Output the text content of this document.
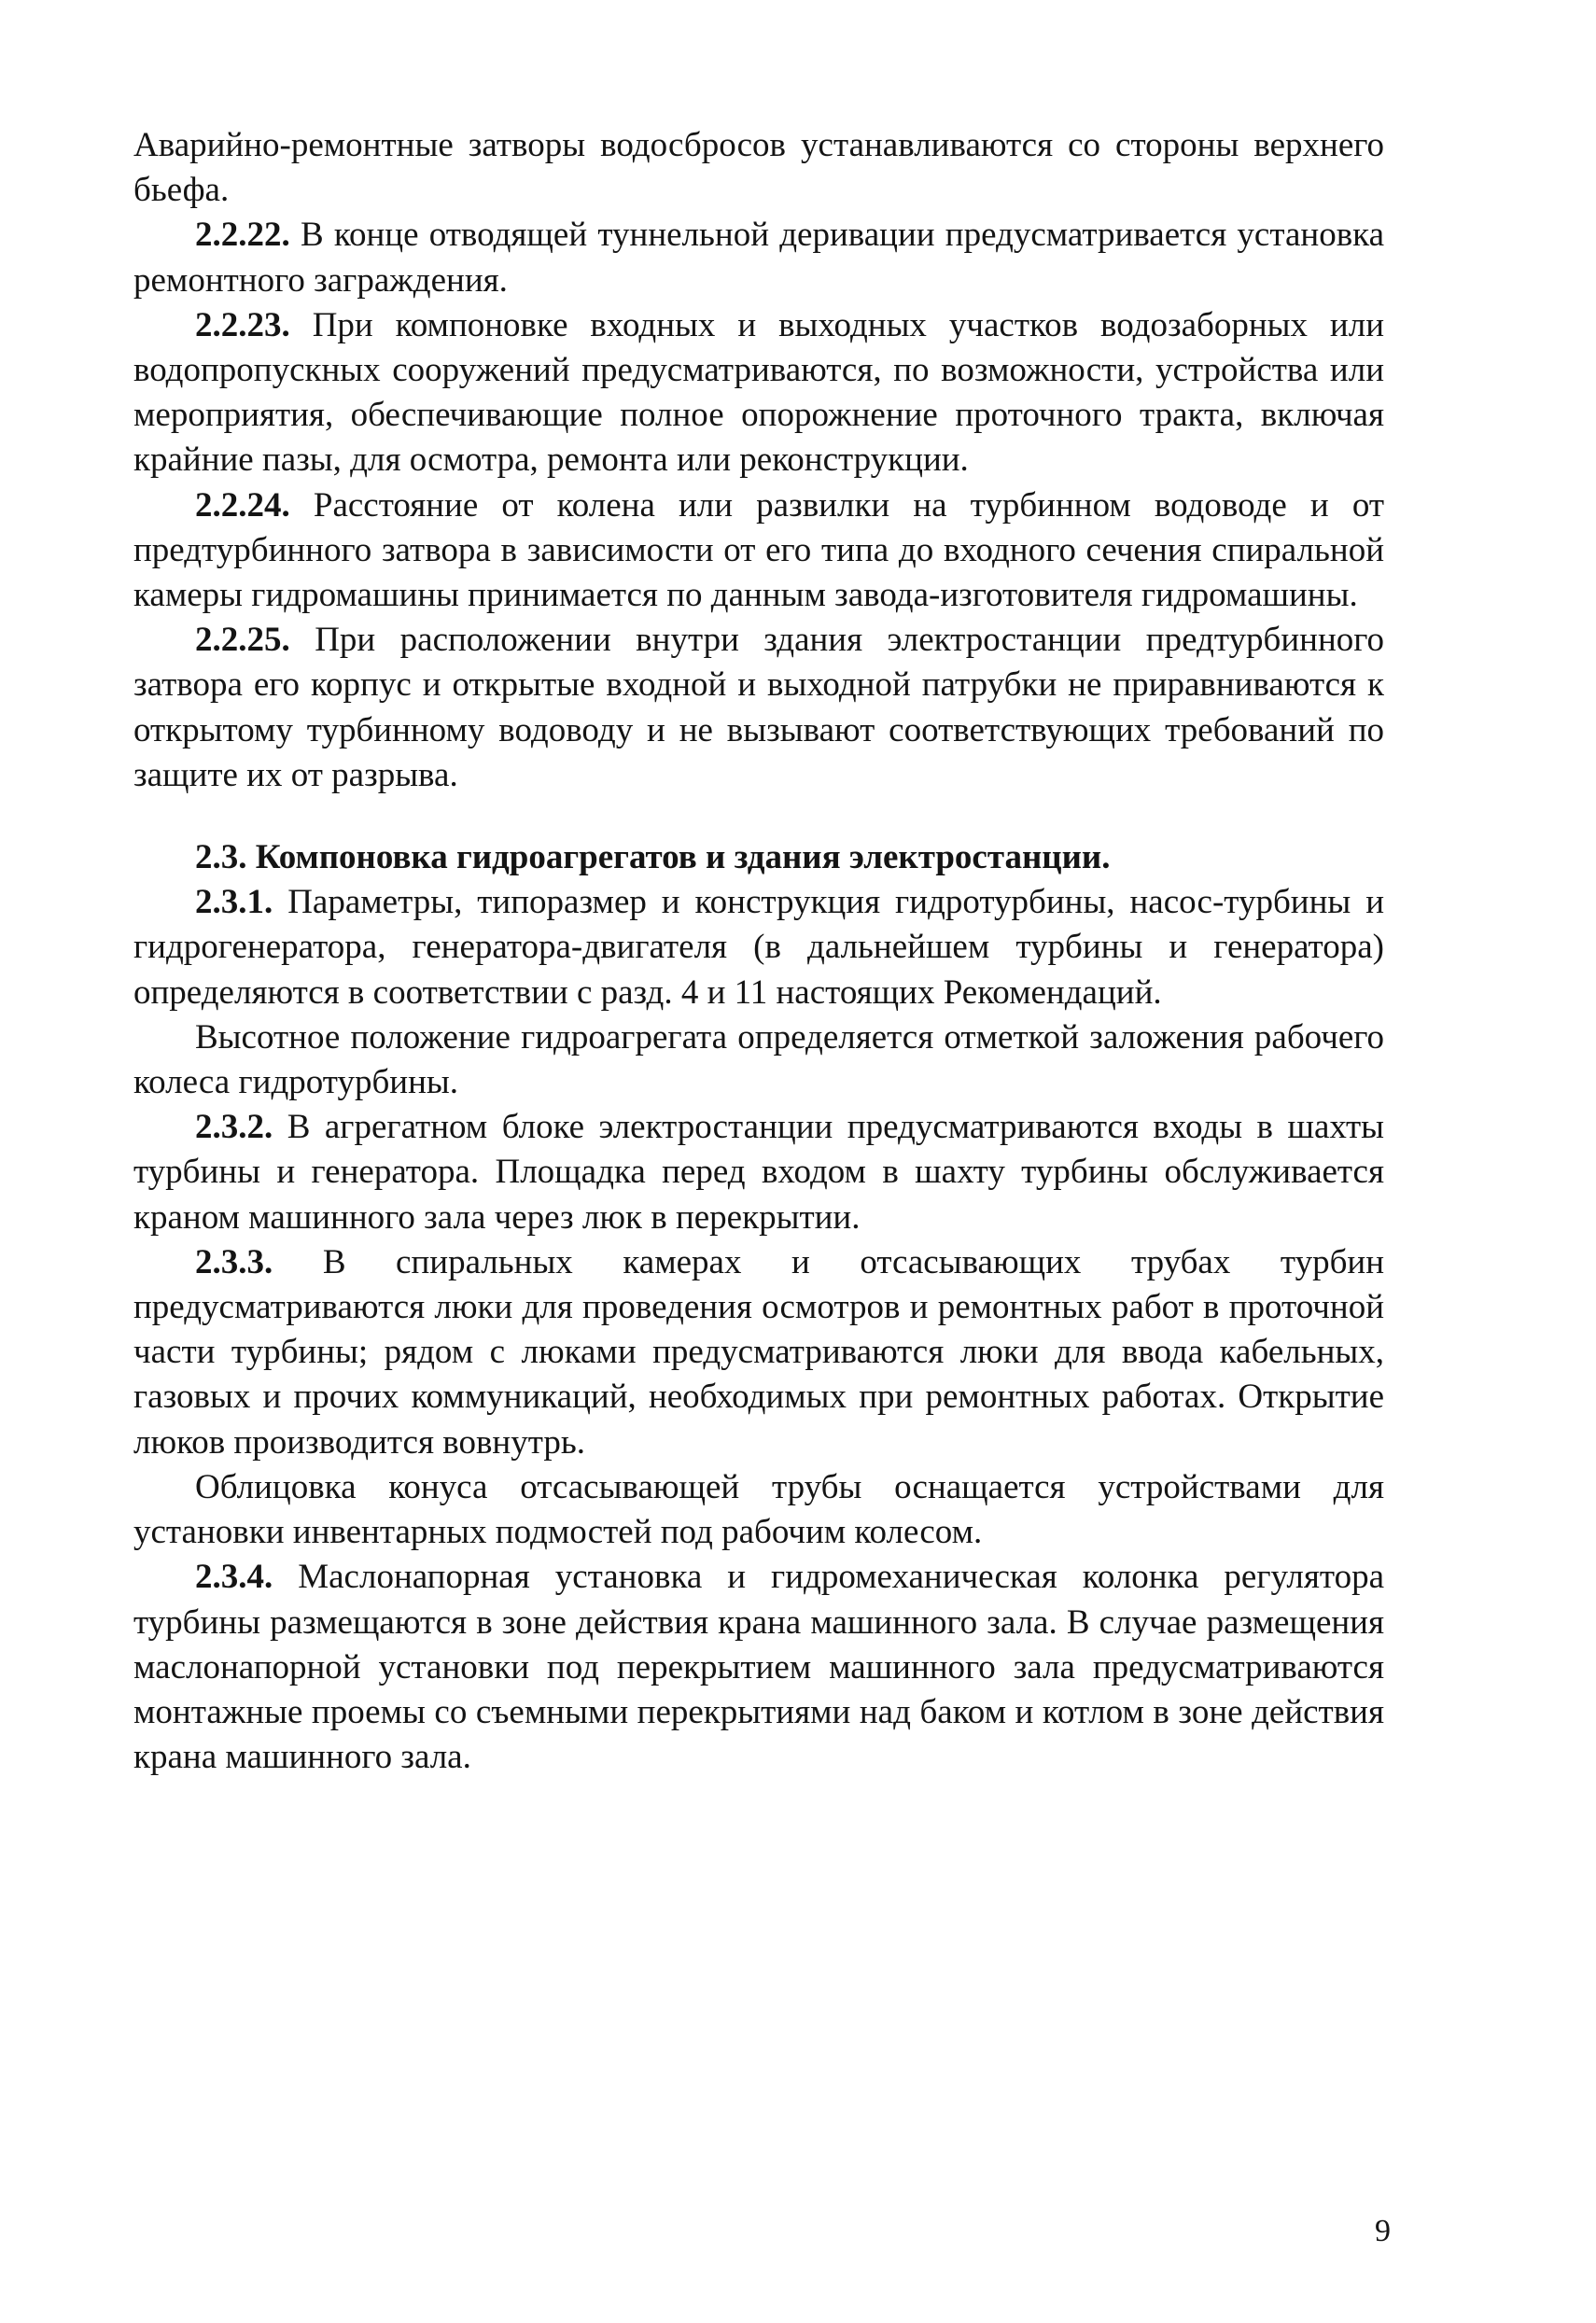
Аварийно-ремонтные затворы водосбросов устанавливаются со стороны верхнего бьефа.

2.2.22. В конце отводящей туннельной деривации предусматривается установка ремонтного заграждения.

2.2.23. При компоновке входных и выходных участков водозаборных или водопропускных сооружений предусматриваются, по возможности, устройства или мероприятия, обеспечивающие полное опорожнение проточного тракта, включая крайние пазы, для осмотра, ремонта или реконструкции.

2.2.24. Расстояние от колена или развилки на турбинном водоводе и от предтурбинного затвора в зависимости от его типа до входного сечения спиральной камеры гидромашины принимается по данным завода-изготовителя гидромашины.

2.2.25. При расположении внутри здания электростанции предтурбинного затвора его корпус и открытые входной и выходной патрубки не приравниваются к открытому турбинному водоводу и не вызывают соответствующих требований по защите их от разрыва.

2.3. Компоновка гидроагрегатов и здания электростанции.

2.3.1. Параметры, типоразмер и конструкция гидротурбины, насос-турбины и гидрогенератора, генератора-двигателя (в дальнейшем турбины и генератора) определяются в соответствии с разд. 4 и 11 настоящих Рекомендаций.

Высотное положение гидроагрегата определяется отметкой заложения рабочего колеса гидротурбины.

2.3.2. В агрегатном блоке электростанции предусматриваются входы в шахты турбины и генератора. Площадка перед входом в шахту турбины обслуживается краном машинного зала через люк в перекрытии.

2.3.3. В спиральных камерах и отсасывающих трубах турбин предусматриваются люки для проведения осмотров и ремонтных работ в проточной части турбины; рядом с люками предусматриваются люки для ввода кабельных, газовых и прочих коммуникаций, необходимых при ремонтных работах. Открытие люков производится вовнутрь.

Облицовка конуса отсасывающей трубы оснащается устройствами для установки инвентарных подмостей под рабочим колесом.

2.3.4. Маслонапорная установка и гидромеханическая колонка регулятора турбины размещаются в зоне действия крана машинного зала. В случае размещения маслонапорной установки под перекрытием машинного зала предусматриваются монтажные проемы со съемными перекрытиями над баком и котлом в зоне действия крана машинного зала.

9
